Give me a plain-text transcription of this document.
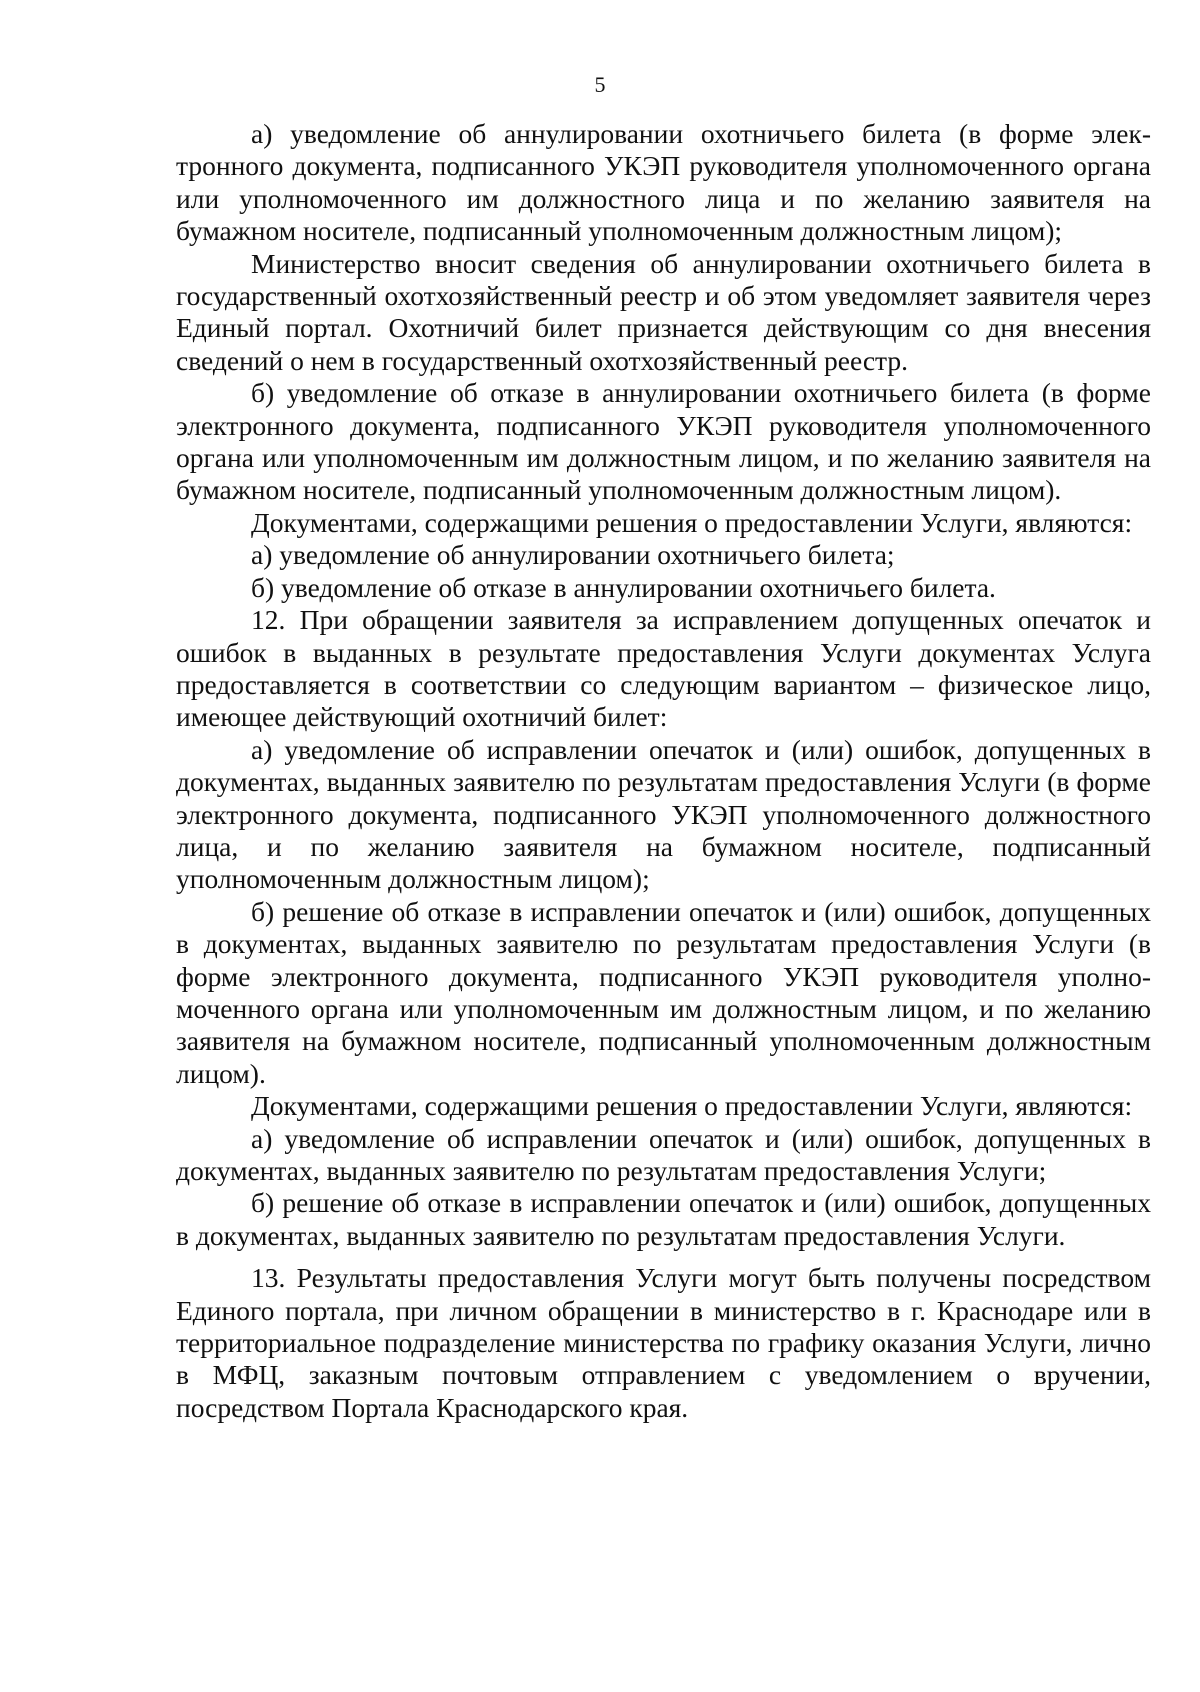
5

а) уведомление об аннулировании охотничьего билета (в форме электронного документа, подписанного УКЭП руководителя уполномоченного органа или уполномоченного им должностного лица и по желанию заявителя на бумажном носителе, подписанный уполномоченным должностным лицом);

Министерство вносит сведения об аннулировании охотничьего билета в государственный охотхозяйственный реестр и об этом уведомляет заявителя через Единый портал. Охотничий билет признается действующим со дня внесения сведений о нем в государственный охотхозяйственный реестр.

б) уведомление об отказе в аннулировании охотничьего билета (в форме электронного документа, подписанного УКЭП руководителя уполномоченного органа или уполномоченным им должностным лицом, и по желанию заявителя на бумажном носителе, подписанный уполномоченным должностным лицом).

Документами, содержащими решения о предоставлении Услуги, являются:

а) уведомление об аннулировании охотничьего билета;

б) уведомление об отказе в аннулировании охотничьего билета.

12. При обращении заявителя за исправлением допущенных опечаток и ошибок в выданных в результате предоставления Услуги документах Услуга предоставляется в соответствии со следующим вариантом – физическое лицо, имеющее действующий охотничий билет:

а) уведомление об исправлении опечаток и (или) ошибок, допущенных в документах, выданных заявителю по результатам предоставления Услуги (в форме электронного документа, подписанного УКЭП уполномоченного должностного лица, и по желанию заявителя на бумажном носителе, подписанный уполномоченным должностным лицом);

б) решение об отказе в исправлении опечаток и (или) ошибок, допущенных в документах, выданных заявителю по результатам предоставления Услуги (в форме электронного документа, подписанного УКЭП руководителя уполномоченного органа или уполномоченным им должностным лицом, и по желанию заявителя на бумажном носителе, подписанный уполномоченным должностным лицом).

Документами, содержащими решения о предоставлении Услуги, являются:

а) уведомление об исправлении опечаток и (или) ошибок, допущенных в документах, выданных заявителю по результатам предоставления Услуги;

б) решение об отказе в исправлении опечаток и (или) ошибок, допущенных в документах, выданных заявителю по результатам предоставления Услуги.

13. Результаты предоставления Услуги могут быть получены посредством Единого портала, при личном обращении в министерство в г. Краснодаре или в территориальное подразделение министерства по графику оказания Услуги, лично в МФЦ, заказным почтовым отправлением с уведомлением о вручении, посредством Портала Краснодарского края.
